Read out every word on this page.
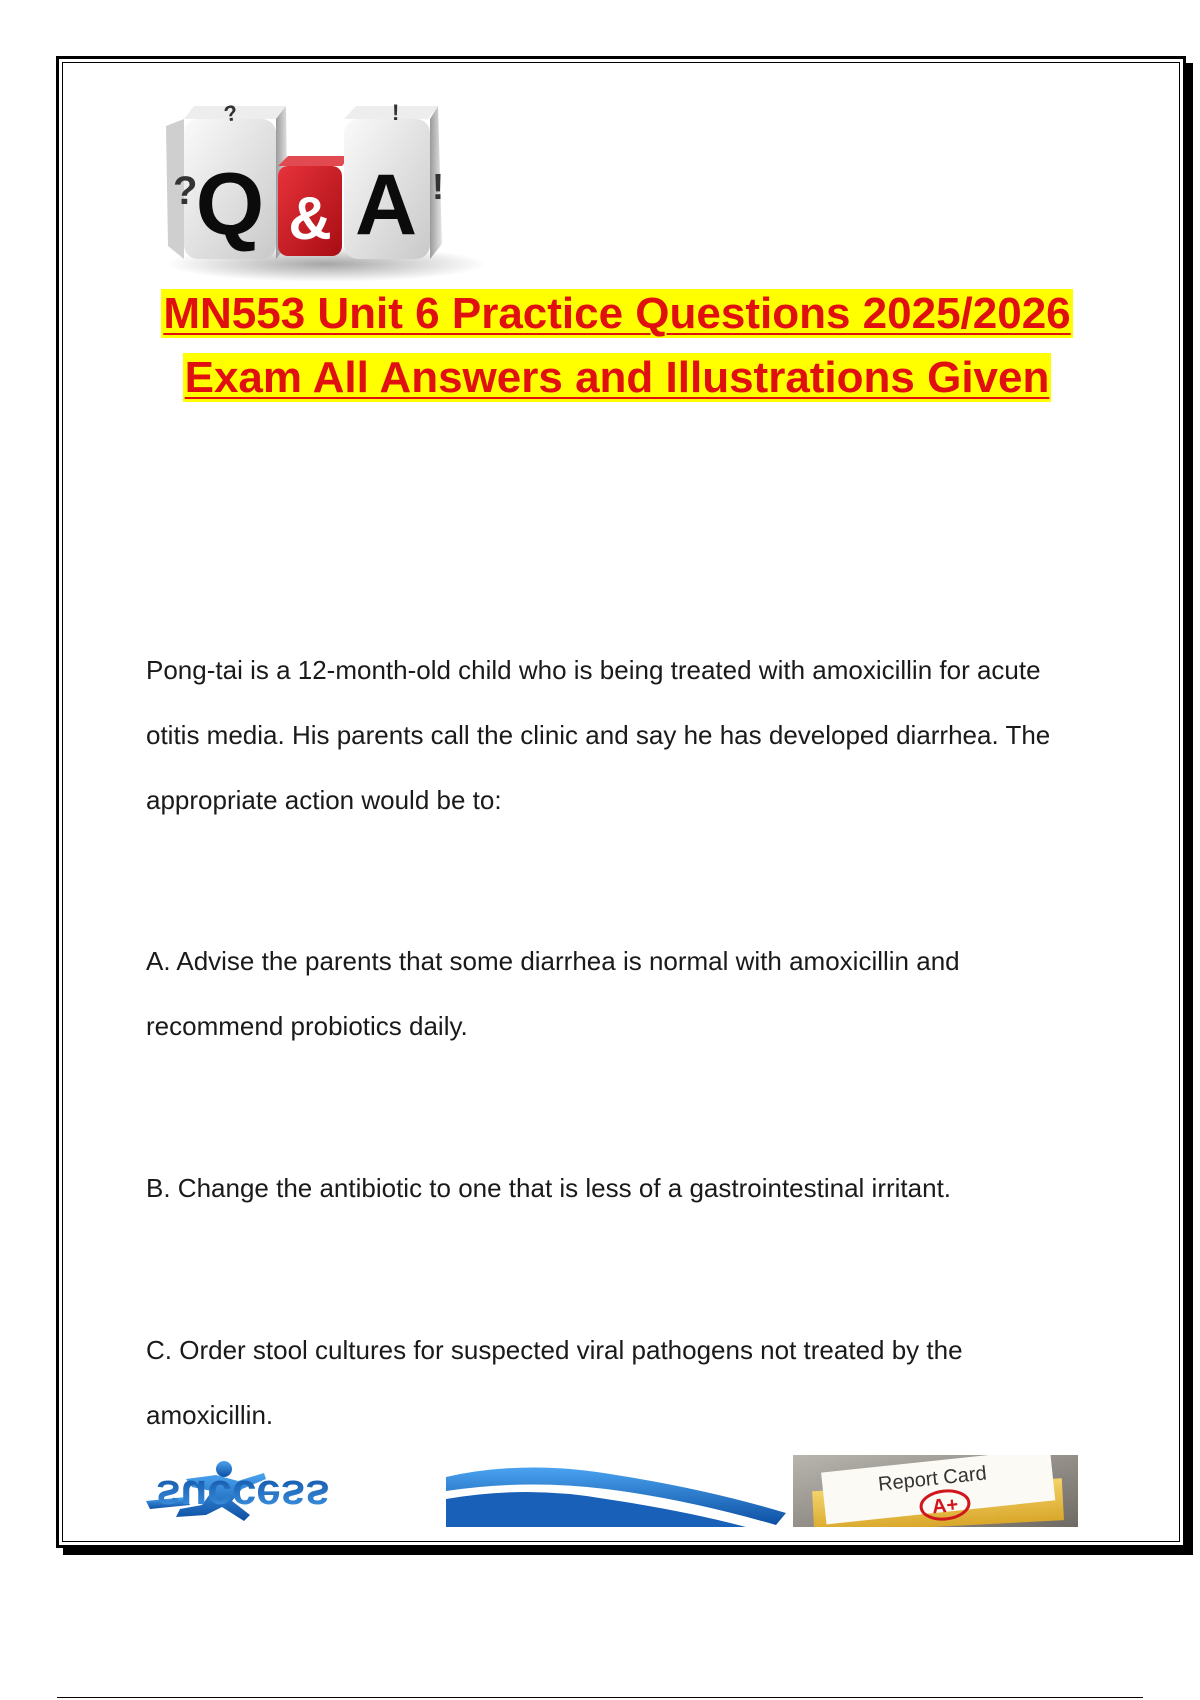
Q
?
?
& A !
!
MN553 Unit 6 Practice Questions 2025/2026 Exam All Answers and Illustrations Given

Pong-tai is a 12-month-old child who is being treated with amoxicillin for acute otitis media. His parents call the clinic and say he has developed diarrhea. The appropriate action would be to:

A. Advise the parents that some diarrhea is normal with amoxicillin and recommend probiotics daily.

B. Change the antibiotic to one that is less of a gastrointestinal irritant.

C. Order stool cultures for suspected viral pathogens not treated by the amoxicillin.

success	Report Card
A+
